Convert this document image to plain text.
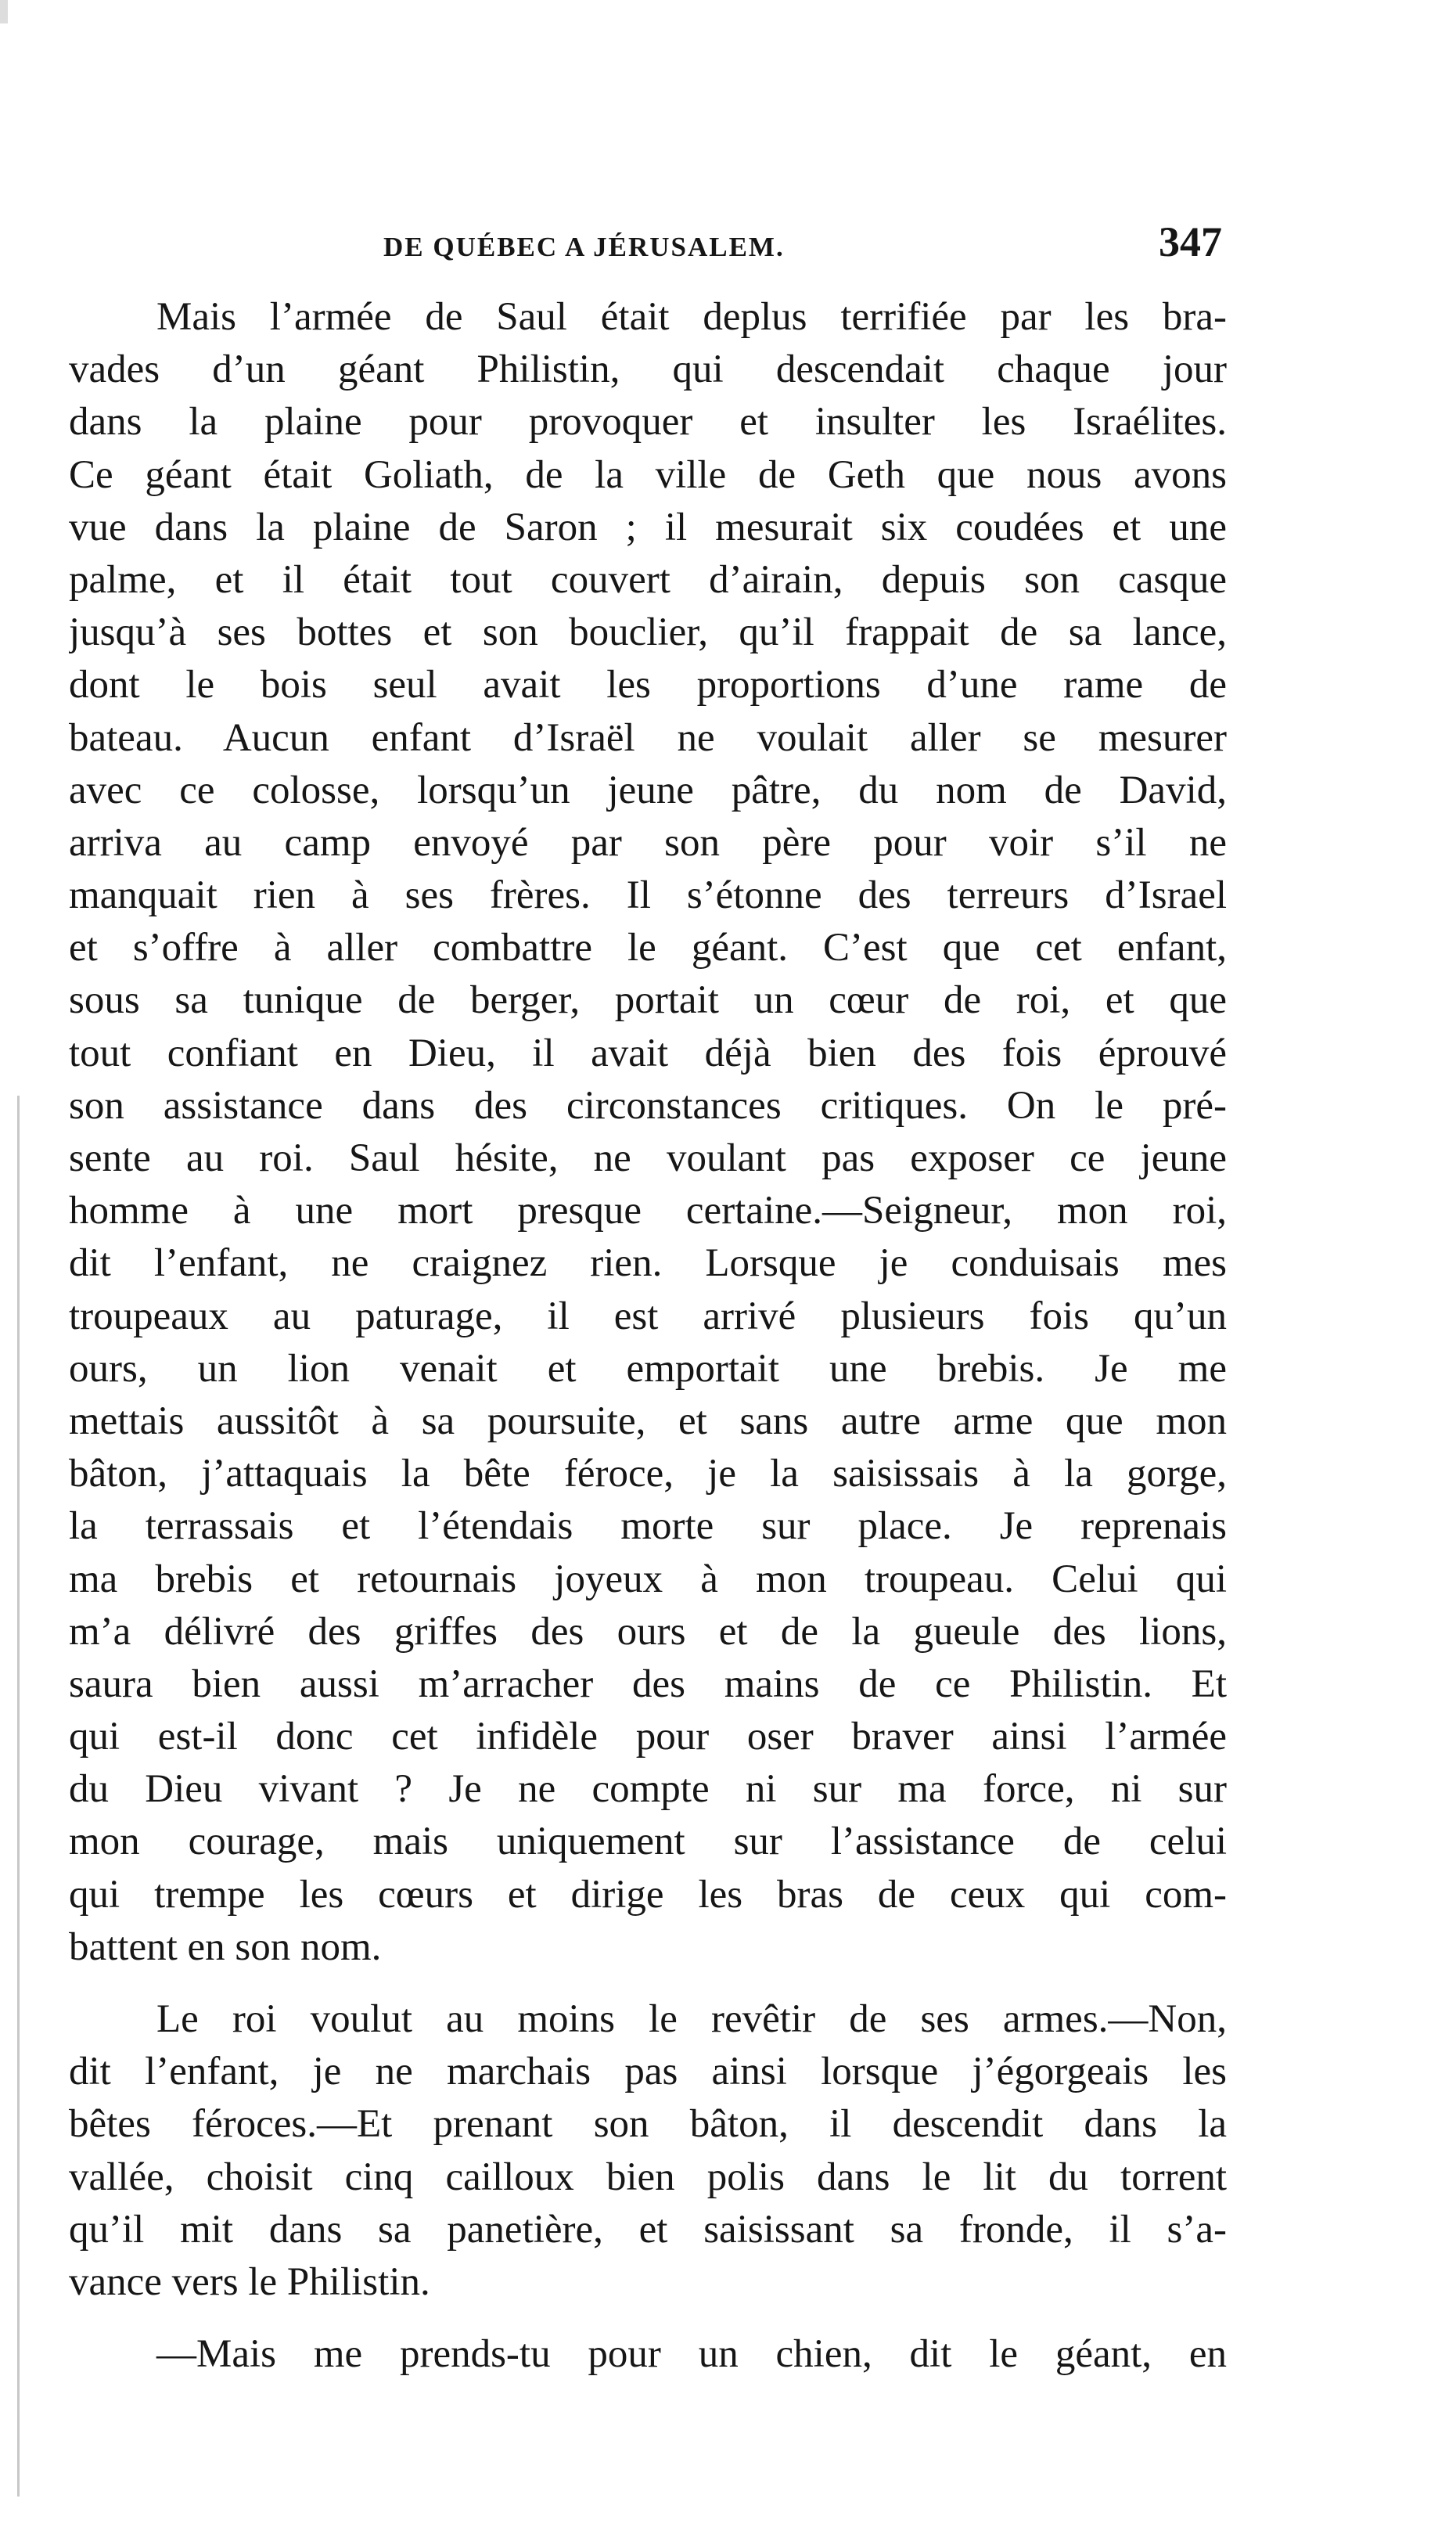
DE QUÉBEC A JÉRUSALEM.	347
Mais l’armée de Saul était deplus terrifiée par les bra-
vades d’un géant Philistin, qui descendait chaque jour
dans la plaine pour provoquer et insulter les Israélites.
Ce géant était Goliath, de la ville de Geth que nous avons
vue dans la plaine de Saron ; il mesurait six coudées et une
palme, et il était tout couvert d’airain, depuis son casque
jusqu’à ses bottes et son bouclier, qu’il frappait de sa lance,
dont le bois seul avait les proportions d’une rame de
bateau. Aucun enfant d’Israël ne voulait aller se mesurer
avec ce colosse, lorsqu’un jeune pâtre, du nom de David,
arriva au camp envoyé par son père pour voir s’il ne
manquait rien à ses frères. Il s’étonne des terreurs d’Israel
et s’offre à aller combattre le géant. C’est que cet enfant,
sous sa tunique de berger, portait un cœur de roi, et que
tout confiant en Dieu, il avait déjà bien des fois éprouvé
son assistance dans des circonstances critiques. On le pré-
sente au roi. Saul hésite, ne voulant pas exposer ce jeune
homme à une mort presque certaine.—Seigneur, mon roi,
dit l’enfant, ne craignez rien. Lorsque je conduisais mes
troupeaux au paturage, il est arrivé plusieurs fois qu’un
ours, un lion venait et emportait une brebis. Je me
mettais aussitôt à sa poursuite, et sans autre arme que mon
bâton, j’attaquais la bête féroce, je la saisissais à la gorge,
la terrassais et l’étendais morte sur place. Je reprenais
ma brebis et retournais joyeux à mon troupeau. Celui qui
m’a délivré des griffes des ours et de la gueule des lions,
saura bien aussi m’arracher des mains de ce Philistin. Et
qui est-il donc cet infidèle pour oser braver ainsi l’armée
du Dieu vivant ? Je ne compte ni sur ma force, ni sur
mon courage, mais uniquement sur l’assistance de celui
qui trempe les cœurs et dirige les bras de ceux qui com-
battent en son nom.
Le roi voulut au moins le revêtir de ses armes.—Non,
dit l’enfant, je ne marchais pas ainsi lorsque j’égorgeais les
bêtes féroces.—Et prenant son bâton, il descendit dans la
vallée, choisit cinq cailloux bien polis dans le lit du torrent
qu’il mit dans sa panetière, et saisissant sa fronde, il s’a-
vance vers le Philistin.
—Mais me prends-tu pour un chien, dit le géant, en
